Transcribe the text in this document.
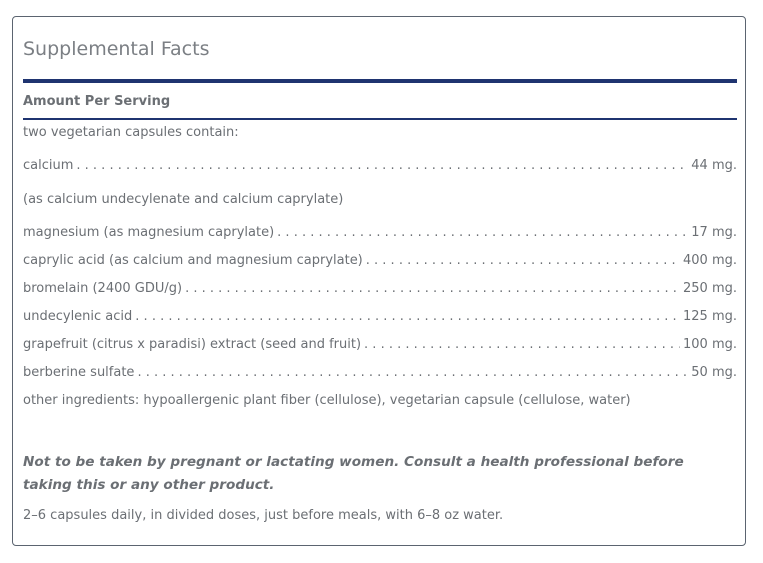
Supplemental Facts
Amount Per Serving
two vegetarian capsules contain:
calcium . . .	44 mg.
(as calcium undecylenate and calcium caprylate)
magnesium (as magnesium caprylate) . . .	17 mg.
caprylic acid (as calcium and magnesium caprylate) . . .	400 mg.
bromelain (2400 GDU/g) . . .	250 mg.
undecylenic acid . . .	125 mg.
grapefruit (citrus x paradisi) extract (seed and fruit) . . .	100 mg.
berberine sulfate . . .	50 mg.
other ingredients: hypoallergenic plant fiber (cellulose), vegetarian capsule (cellulose, water)
Not to be taken by pregnant or lactating women. Consult a health professional before taking this or any other product.
2–6 capsules daily, in divided doses, just before meals, with 6–8 oz water.
